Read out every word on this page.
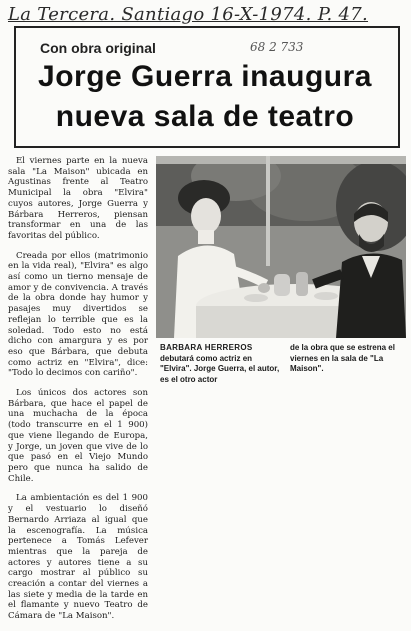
La Tercera. Santiago 16-X-1974. P. 47.
68 2 733
Con obra original
Jorge Guerra inaugura
nueva sala de teatro

El viernes parte en la nueva sala "La Maison" ubicada en Agustinas frente al Teatro Municipal la obra "Elvira" cuyos autores, Jorge Guerra y Bárbara Herreros, piensan transformar en una de las favoritas del público.

Creada por ellos (matrimonio en la vida real), "Elvira" es algo así como un tierno mensaje de amor y de convivencia. A través de la obra donde hay humor y pasajes muy divertidos se reflejan lo terrible que es la soledad. Todo esto no está dicho con amargura y es por eso que Bárbara, que debuta como actriz en "Elvira", dice: "Todo lo decimos con cariño".

Los únicos dos actores son Bárbara, que hace el papel de una muchacha de la época (todo transcurre en el 1 900) que viene llegando de Europa, y Jorge, un joven que vive de lo que pasó en el Viejo Mundo pero que nunca ha salido de Chile.

La ambientación es del 1 900 y el vestuario lo diseñó Bernardo Arriaza al igual que la escenografía. La música pertenece a Tomás Lefever mientras que la pareja de actores y autores tiene a su cargo mostrar al público su creación a contar del viernes a las siete y media de la tarde en el flamante y nuevo Teatro de Cámara de "La Maison".

BARBARA HERREROS
debutará como actriz en "Elvira". Jorge Guerra, el autor, es el otro actor
de la obra que se estrena el viernes en la sala de "La Maison".
